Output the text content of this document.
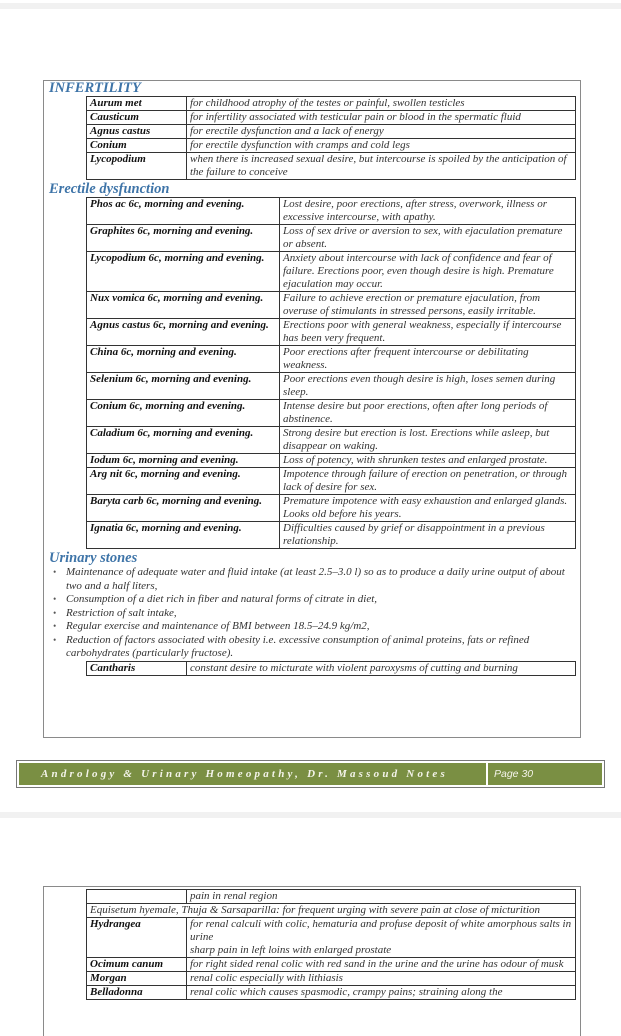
INFERTILITY
Aurum met	for childhood atrophy of the testes or painful, swollen testicles
Causticum	for infertility associated with testicular pain or blood in the spermatic fluid
Agnus castus	for erectile dysfunction and a lack of energy
Conium	for erectile dysfunction with cramps and cold legs
Lycopodium	when there is increased sexual desire, but intercourse is spoiled by the anticipation of the failure to conceive
Erectile dysfunction
Phos ac 6c, morning and evening.	Lost desire, poor erections, after stress, overwork, illness or excessive intercourse, with apathy.
Graphites 6c, morning and evening.	Loss of sex drive or aversion to sex, with ejaculation premature or absent.
Lycopodium 6c, morning and evening.	Anxiety about intercourse with lack of confidence and fear of failure. Erections poor, even though desire is high. Premature ejaculation may occur.
Nux vomica 6c, morning and evening.	Failure to achieve erection or premature ejaculation, from overuse of stimulants in stressed persons, easily irritable.
Agnus castus 6c, morning and evening.	Erections poor with general weakness, especially if intercourse has been very frequent.
China 6c, morning and evening.	Poor erections after frequent intercourse or debilitating weakness.
Selenium 6c, morning and evening.	Poor erections even though desire is high, loses semen during sleep.
Conium 6c, morning and evening.	Intense desire but poor erections, often after long periods of abstinence.
Caladium 6c, morning and evening.	Strong desire but erection is lost. Erections while asleep, but disappear on waking.
Iodum 6c, morning and evening.	Loss of potency, with shrunken testes and enlarged prostate.
Arg nit 6c, morning and evening.	Impotence through failure of erection on penetration, or through lack of desire for sex.
Baryta carb 6c, morning and evening.	Premature impotence with easy exhaustion and enlarged glands. Looks old before his years.
Ignatia 6c, morning and evening.	Difficulties caused by grief or disappointment in a previous relationship.
Urinary stones
• Maintenance of adequate water and fluid intake (at least 2.5–3.0 l) so as to produce a daily urine output of about two and a half liters,
• Consumption of a diet rich in fiber and natural forms of citrate in diet,
• Restriction of salt intake,
• Regular exercise and maintenance of BMI between 18.5–24.9 kg/m2,
• Reduction of factors associated with obesity i.e. excessive consumption of animal proteins, fats or refined carbohydrates (particularly fructose).
Cantharis	constant desire to micturate with violent paroxysms of cutting and burning
Andrology & Urinary Homeopathy, Dr. Massoud Notes	Page 30
	pain in renal region
Equisetum hyemale, Thuja & Sarsaparilla: for frequent urging with severe pain at close of micturition	
Hydrangea	for renal calculi with colic, hematuria and profuse deposit of white amorphous salts in urine
sharp pain in left loins with enlarged prostate

Ocimum canum	for right sided renal colic with red sand in the urine and the urine has odour of musk
Morgan	renal colic especially with lithiasis
Belladonna	renal colic which causes spasmodic, crampy pains; straining along the
